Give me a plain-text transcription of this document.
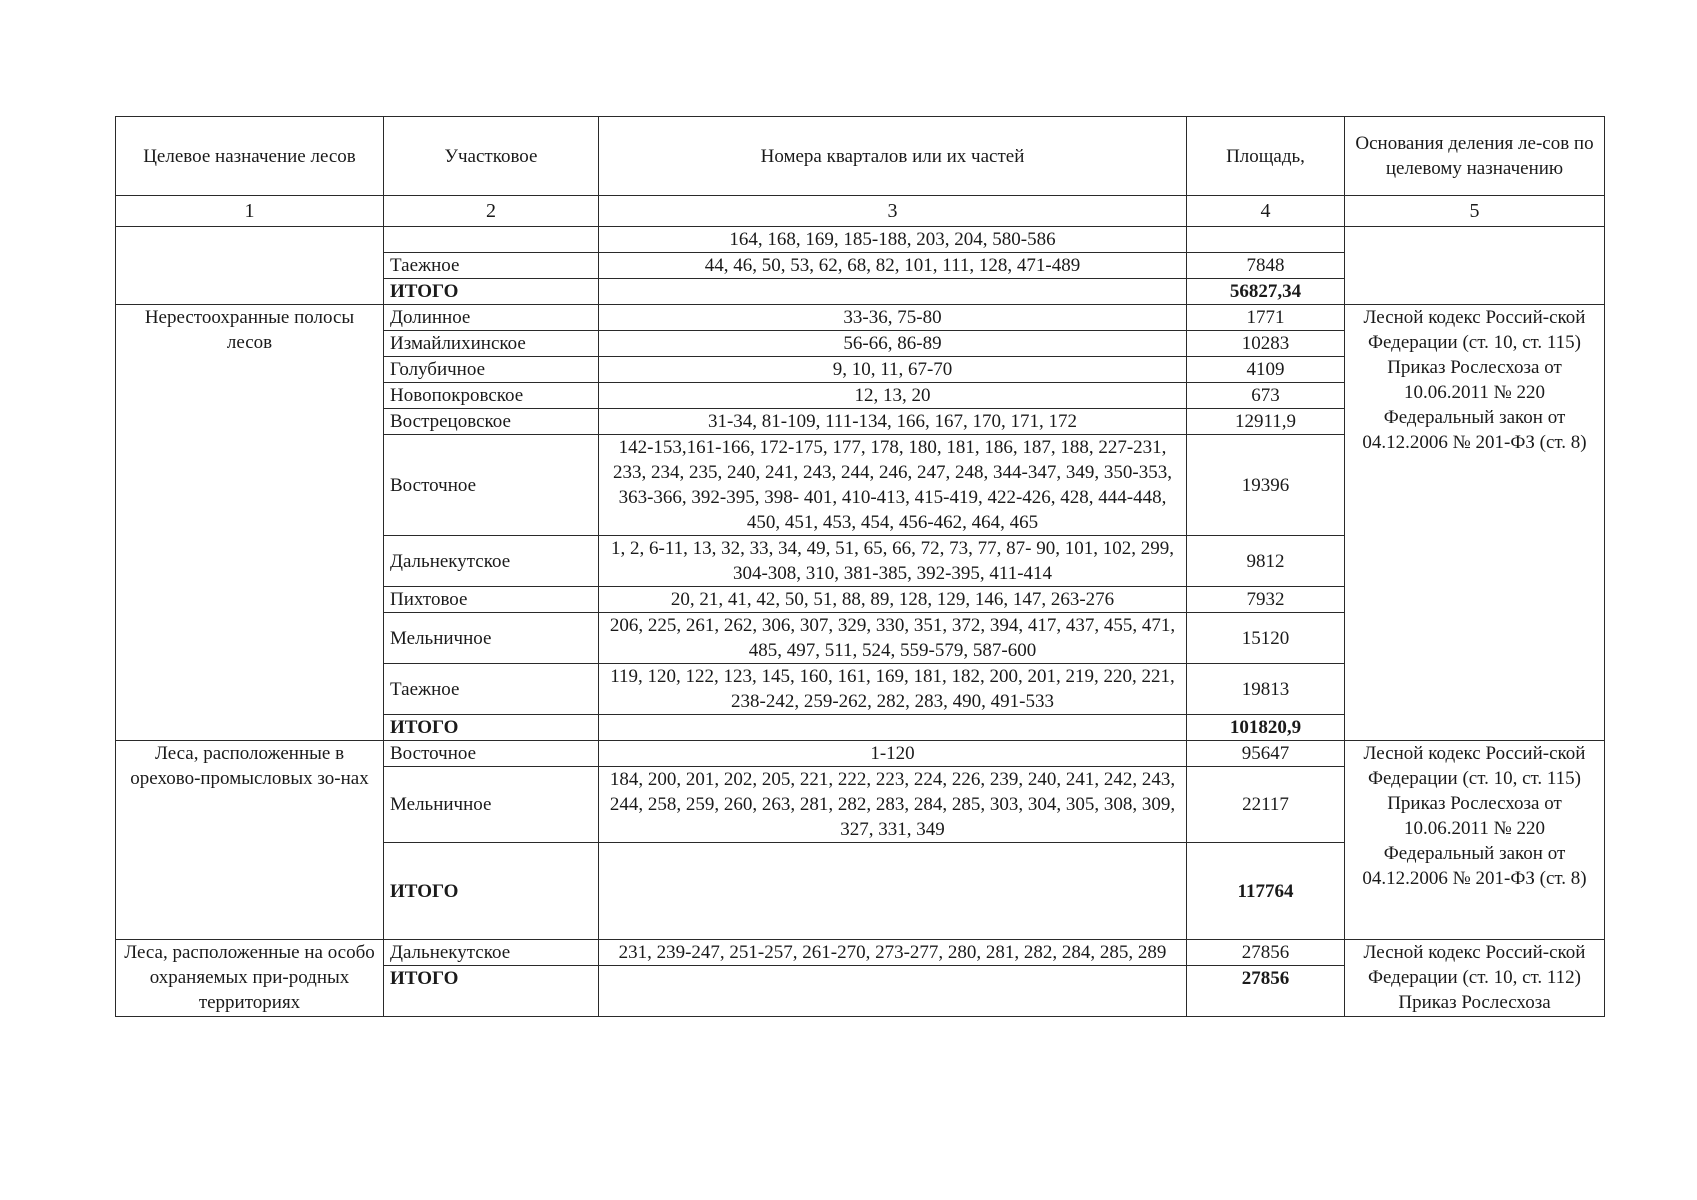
Целевое назначение лесов	Участковое	Номера кварталов или их частей	Площадь,	Основания деления ле-сов по целевому назначению
1	2	3	4	5
		164, 168, 169, 185-188, 203, 204, 580-586		
	Таежное	44, 46, 50, 53, 62, 68, 82, 101, 111, 128, 471-489	7848	
	ИТОГО		56827,34	
Нерестоохранные полосы лесов	Долинное	33-36, 75-80	1771	Лесной кодекс Россий-ской Федерации (ст. 10, ст. 115) Приказ Рослесхоза от 10.06.2011 № 220 Федеральный закон от 04.12.2006 № 201-ФЗ (ст. 8)
	Измайлихинское	56-66, 86-89	10283	
	Голубичное	9, 10, 11, 67-70	4109	
	Новопокровское	12, 13, 20	673	
	Вострецовское	31-34, 81-109, 111-134, 166, 167, 170, 171, 172	12911,9	
	Восточное	142-153,161-166, 172-175, 177, 178, 180, 181, 186, 187, 188, 227-231, 233, 234, 235, 240, 241, 243, 244, 246, 247, 248, 344-347, 349, 350-353, 363-366, 392-395, 398- 401, 410-413, 415-419, 422-426, 428, 444-448, 450, 451, 453, 454, 456-462, 464, 465	19396	
	Дальнекутское	1, 2, 6-11, 13, 32, 33, 34, 49, 51, 65, 66, 72, 73, 77, 87- 90, 101, 102, 299, 304-308, 310, 381-385, 392-395, 411-414	9812	
	Пихтовое	20, 21, 41, 42, 50, 51, 88, 89, 128, 129, 146, 147, 263-276	7932	
	Мельничное	206, 225, 261, 262, 306, 307, 329, 330, 351, 372, 394, 417, 437, 455, 471, 485, 497, 511, 524, 559-579, 587-600	15120	
	Таежное	119, 120, 122, 123, 145, 160, 161, 169, 181, 182, 200, 201, 219, 220, 221, 238-242, 259-262, 282, 283, 490, 491-533	19813	
	ИТОГО		101820,9	
Леса, расположенные в орехово-промысловых зо-нах	Восточное	1-120	95647	Лесной кодекс Россий-ской Федерации (ст. 10, ст. 115) Приказ Рослесхоза от 10.06.2011 № 220 Федеральный закон от 04.12.2006 № 201-ФЗ (ст. 8)
	Мельничное	184, 200, 201, 202, 205, 221, 222, 223, 224, 226, 239, 240, 241, 242, 243, 244, 258, 259, 260, 263, 281, 282, 283, 284, 285, 303, 304, 305, 308, 309, 327, 331, 349	22117	
	ИТОГО		117764	
Леса, расположенные на особо охраняемых при-родных территориях	Дальнекутское	231, 239-247, 251-257, 261-270, 273-277, 280, 281, 282, 284, 285, 289	27856	Лесной кодекс Россий-ской Федерации (ст. 10, ст. 112) Приказ Рослесхоза
	ИТОГО		27856	
